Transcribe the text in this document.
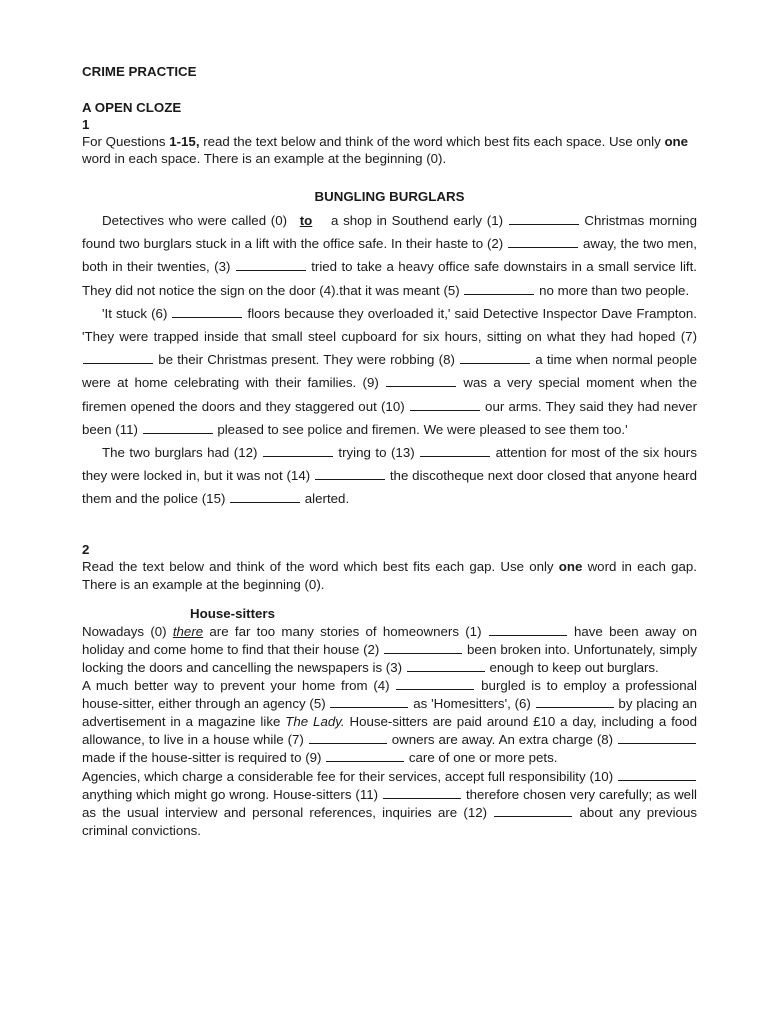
CRIME PRACTICE
A OPEN CLOZE
1

For Questions 1-15, read the text below and think of the word which best fits each space. Use only one word in each space. There is an example at the beginning (0).

BUNGLING BURGLARS

Detectives who were called (0) to a shop in Southend early (1)	Christmas morning found two burglars stuck in a lift with the office safe. In their haste to (2)	away, the two men, both in their twenties, (3)	tried to take a heavy office safe downstairs in a small service lift. They did not notice the sign on the door (4).that it was meant (5)	no more than two people.

'It stuck (6)	floors because they overloaded it,' said Detective Inspector Dave Frampton. 'They were trapped inside that small steel cupboard for six hours, sitting on what they had hoped (7)  be their Christmas present. They were robbing (8)	a time when normal people were at home celebrating with their families. (9)	was a very special moment when the firemen opened the doors and they staggered out (10)	our arms. They said they had never been (11)	pleased to see police and firemen. We were pleased to see them too.'

The two burglars had (12)	trying to (13)	attention for most of the six hours they were locked in, but it was not (14)	the discotheque next door closed that anyone heard them and the police (15)	alerted.

2

Read the text below and think of the word which best fits each gap. Use only one word in each gap. There is an example at the beginning (0).

House-sitters

Nowadays (0) there are far too many stories of homeowners (1)	have been away on holiday and come home to find that their house (2)	been broken into. Unfortunately, simply locking the doors and cancelling the newspapers is (3)	enough to keep out burglars.

A much better way to prevent your home from (4)	burgled is to employ a professional house-sitter, either through an agency (5)	as 'Homesitters', (6)	by placing an advertisement in a magazine like The Lady. House-sitters are paid around £10 a day, including a food allowance, to live in a house while (7)	owners are away. An extra charge (8)  made if the house-sitter is required to (9)	care of one or more pets.

Agencies, which charge a considerable fee for their services, accept full responsibility (10)  anything which might go wrong. House-sitters (11)	therefore chosen very carefully; as well as the usual interview and personal references, inquiries are (12)	about any previous criminal convictions.
